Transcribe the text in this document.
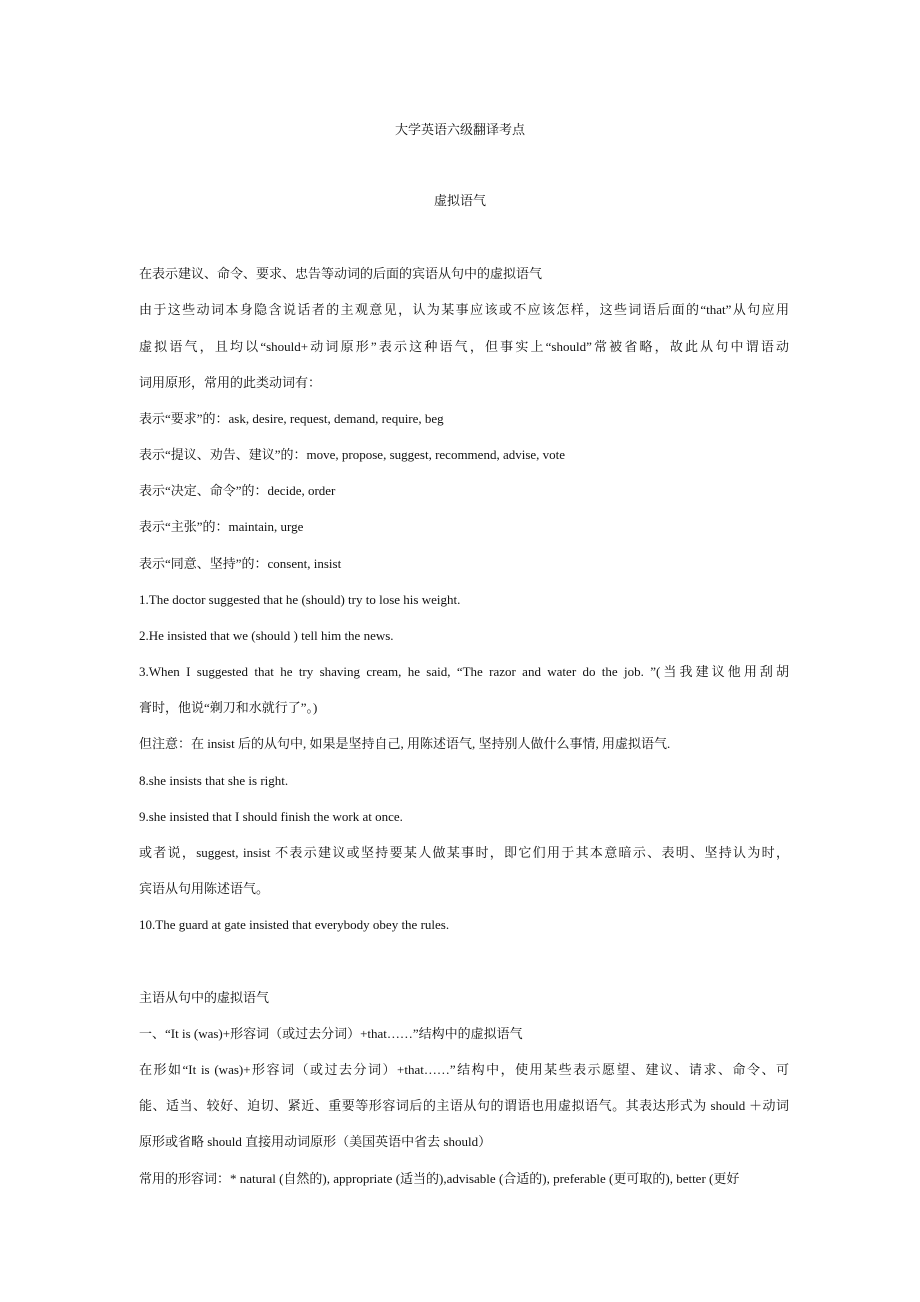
大学英语六级翻译考点
虚拟语气
在表示建议、命令、要求、忠告等动词的后面的宾语从句中的虚拟语气
由于这些动词本身隐含说话者的主观意见，认为某事应该或不应该怎样，这些词语后面的“that”从句应用
虚拟语气，且均以“should+动词原形”表示这种语气，但事实上“should”常被省略，故此从句中谓语动
词用原形，常用的此类动词有：
表示“要求”的：ask, desire, request, demand, require, beg
表示“提议、劝告、建议”的：move, propose, suggest, recommend, advise, vote
表示“决定、命令”的：decide, order
表示“主张”的：maintain, urge
表示“同意、坚持”的：consent, insist
1.The doctor suggested that he (should) try to lose his weight.
2.He insisted that we (should ) tell him the news.
3.When I suggested that he try shaving cream, he said, “The razor and water do the job. ”(当我建议他用刮胡
膏时，他说“剃刀和水就行了”。)
但注意：在 insist 后的从句中, 如果是坚持自己, 用陈述语气, 坚持别人做什么事情, 用虚拟语气.
8.she insists that she is right.
9.she insisted that I should finish the work at once.
或者说，suggest, insist 不表示建议或坚持要某人做某事时，即它们用于其本意暗示、表明、坚持认为时，
宾语从句用陈述语气。
10.The guard at gate insisted that everybody obey the rules.
主语从句中的虚拟语气
一、“It is (was)+形容词（或过去分词）+that……”结构中的虚拟语气
在形如“It is (was)+形容词（或过去分词）+that……”结构中，使用某些表示愿望、建议、请求、命令、可
能、适当、较好、迫切、紧近、重要等形容词后的主语从句的谓语也用虚拟语气。其表达形式为 should ＋动词
原形或省略 should 直接用动词原形（美国英语中省去 should）
常用的形容词：* natural (自然的), appropriate (适当的),advisable (合适的), preferable (更可取的), better (更好
